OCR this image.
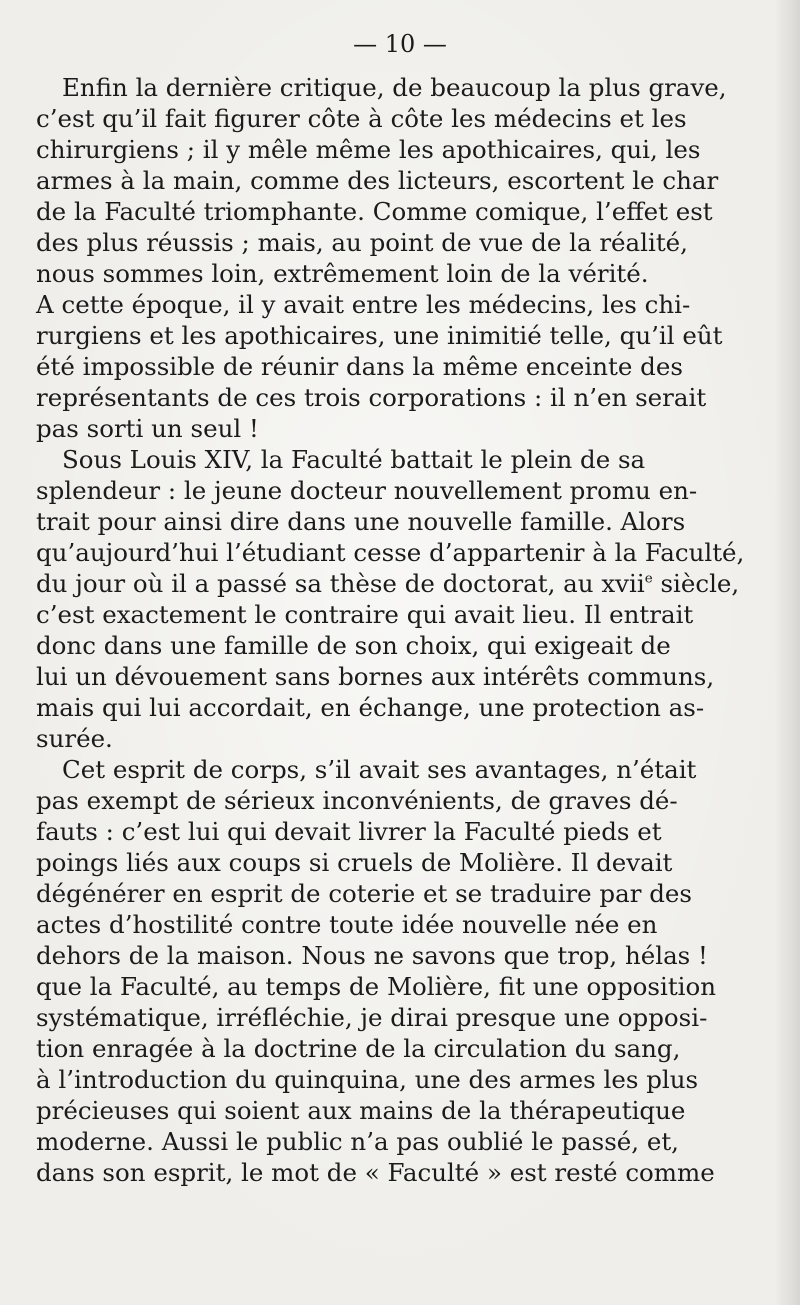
— 10 —
Enfin la dernière critique, de beaucoup la plus grave,
c’est qu’il fait figurer côte à côte les médecins et les
chirurgiens ; il y mêle même les apothicaires, qui, les
armes à la main, comme des licteurs, escortent le char
de la Faculté triomphante. Comme comique, l’effet est
des plus réussis ; mais, au point de vue de la réalité,
nous sommes loin, extrêmement loin de la vérité.
A cette époque, il y avait entre les médecins, les chi-
rurgiens et les apothicaires, une inimitié telle, qu’il eût
été impossible de réunir dans la même enceinte des
représentants de ces trois corporations : il n’en serait
pas sorti un seul !
Sous Louis XIV, la Faculté battait le plein de sa
splendeur : le jeune docteur nouvellement promu en-
trait pour ainsi dire dans une nouvelle famille. Alors
qu’aujourd’hui l’étudiant cesse d’appartenir à la Faculté,
du jour où il a passé sa thèse de doctorat, au xvii$^e$ siècle,
c’est exactement le contraire qui avait lieu. Il entrait
donc dans une famille de son choix, qui exigeait de
lui un dévouement sans bornes aux intérêts communs,
mais qui lui accordait, en échange, une protection as-
surée.
Cet esprit de corps, s’il avait ses avantages, n’était
pas exempt de sérieux inconvénients, de graves dé-
fauts : c’est lui qui devait livrer la Faculté pieds et
poings liés aux coups si cruels de Molière. Il devait
dégénérer en esprit de coterie et se traduire par des
actes d’hostilité contre toute idée nouvelle née en
dehors de la maison. Nous ne savons que trop, hélas !
que la Faculté, au temps de Molière, fit une opposition
systématique, irréfléchie, je dirai presque une opposi-
tion enragée à la doctrine de la circulation du sang,
à l’introduction du quinquina, une des armes les plus
précieuses qui soient aux mains de la thérapeutique
moderne. Aussi le public n’a pas oublié le passé, et,
dans son esprit, le mot de « Faculté » est resté comme
